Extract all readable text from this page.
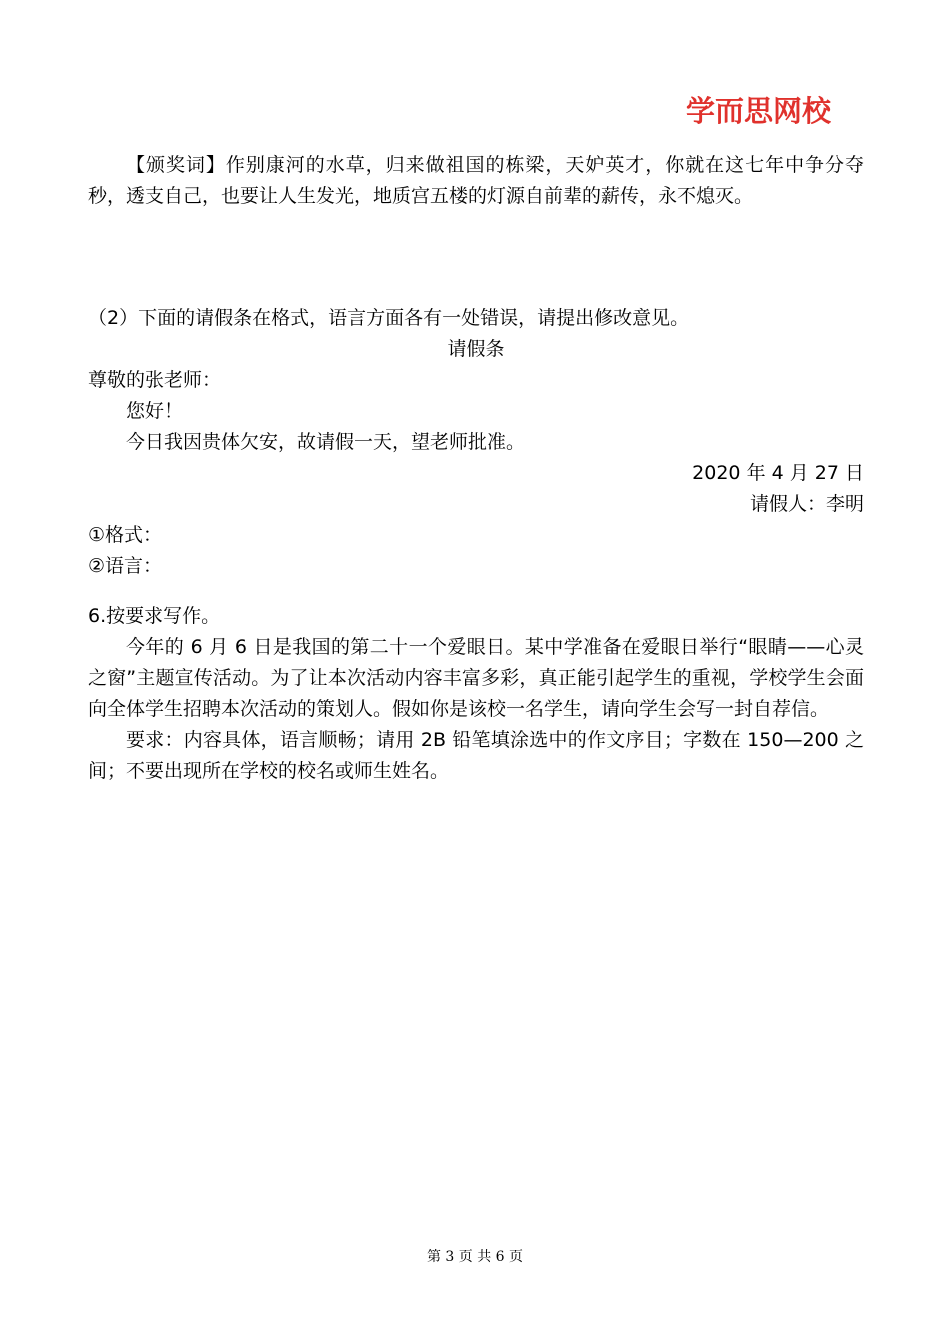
学而思网校

【颁奖词】作别康河的水草，归来做祖国的栋梁，天妒英才，你就在这七年中争分夺秒，透支自己，也要让人生发光，地质宫五楼的灯源自前辈的薪传，永不熄灭。

（2）下面的请假条在格式，语言方面各有一处错误，请提出修改意见。

请假条

尊敬的张老师：

您好！

今日我因贵体欠安，故请假一天，望老师批准。

2020 年 4 月 27 日

请假人：李明

①格式：

②语言：

6.按要求写作。

今年的 6 月 6 日是我国的第二十一个爱眼日。某中学准备在爱眼日举行“眼睛——心灵之窗”主题宣传活动。为了让本次活动内容丰富多彩，真正能引起学生的重视，学校学生会面向全体学生招聘本次活动的策划人。假如你是该校一名学生，请向学生会写一封自荐信。

要求：内容具体，语言顺畅；请用 2B 铅笔填涂选中的作文序目；字数在 150—200 之间；不要出现所在学校的校名或师生姓名。

第 3 页 共 6 页
